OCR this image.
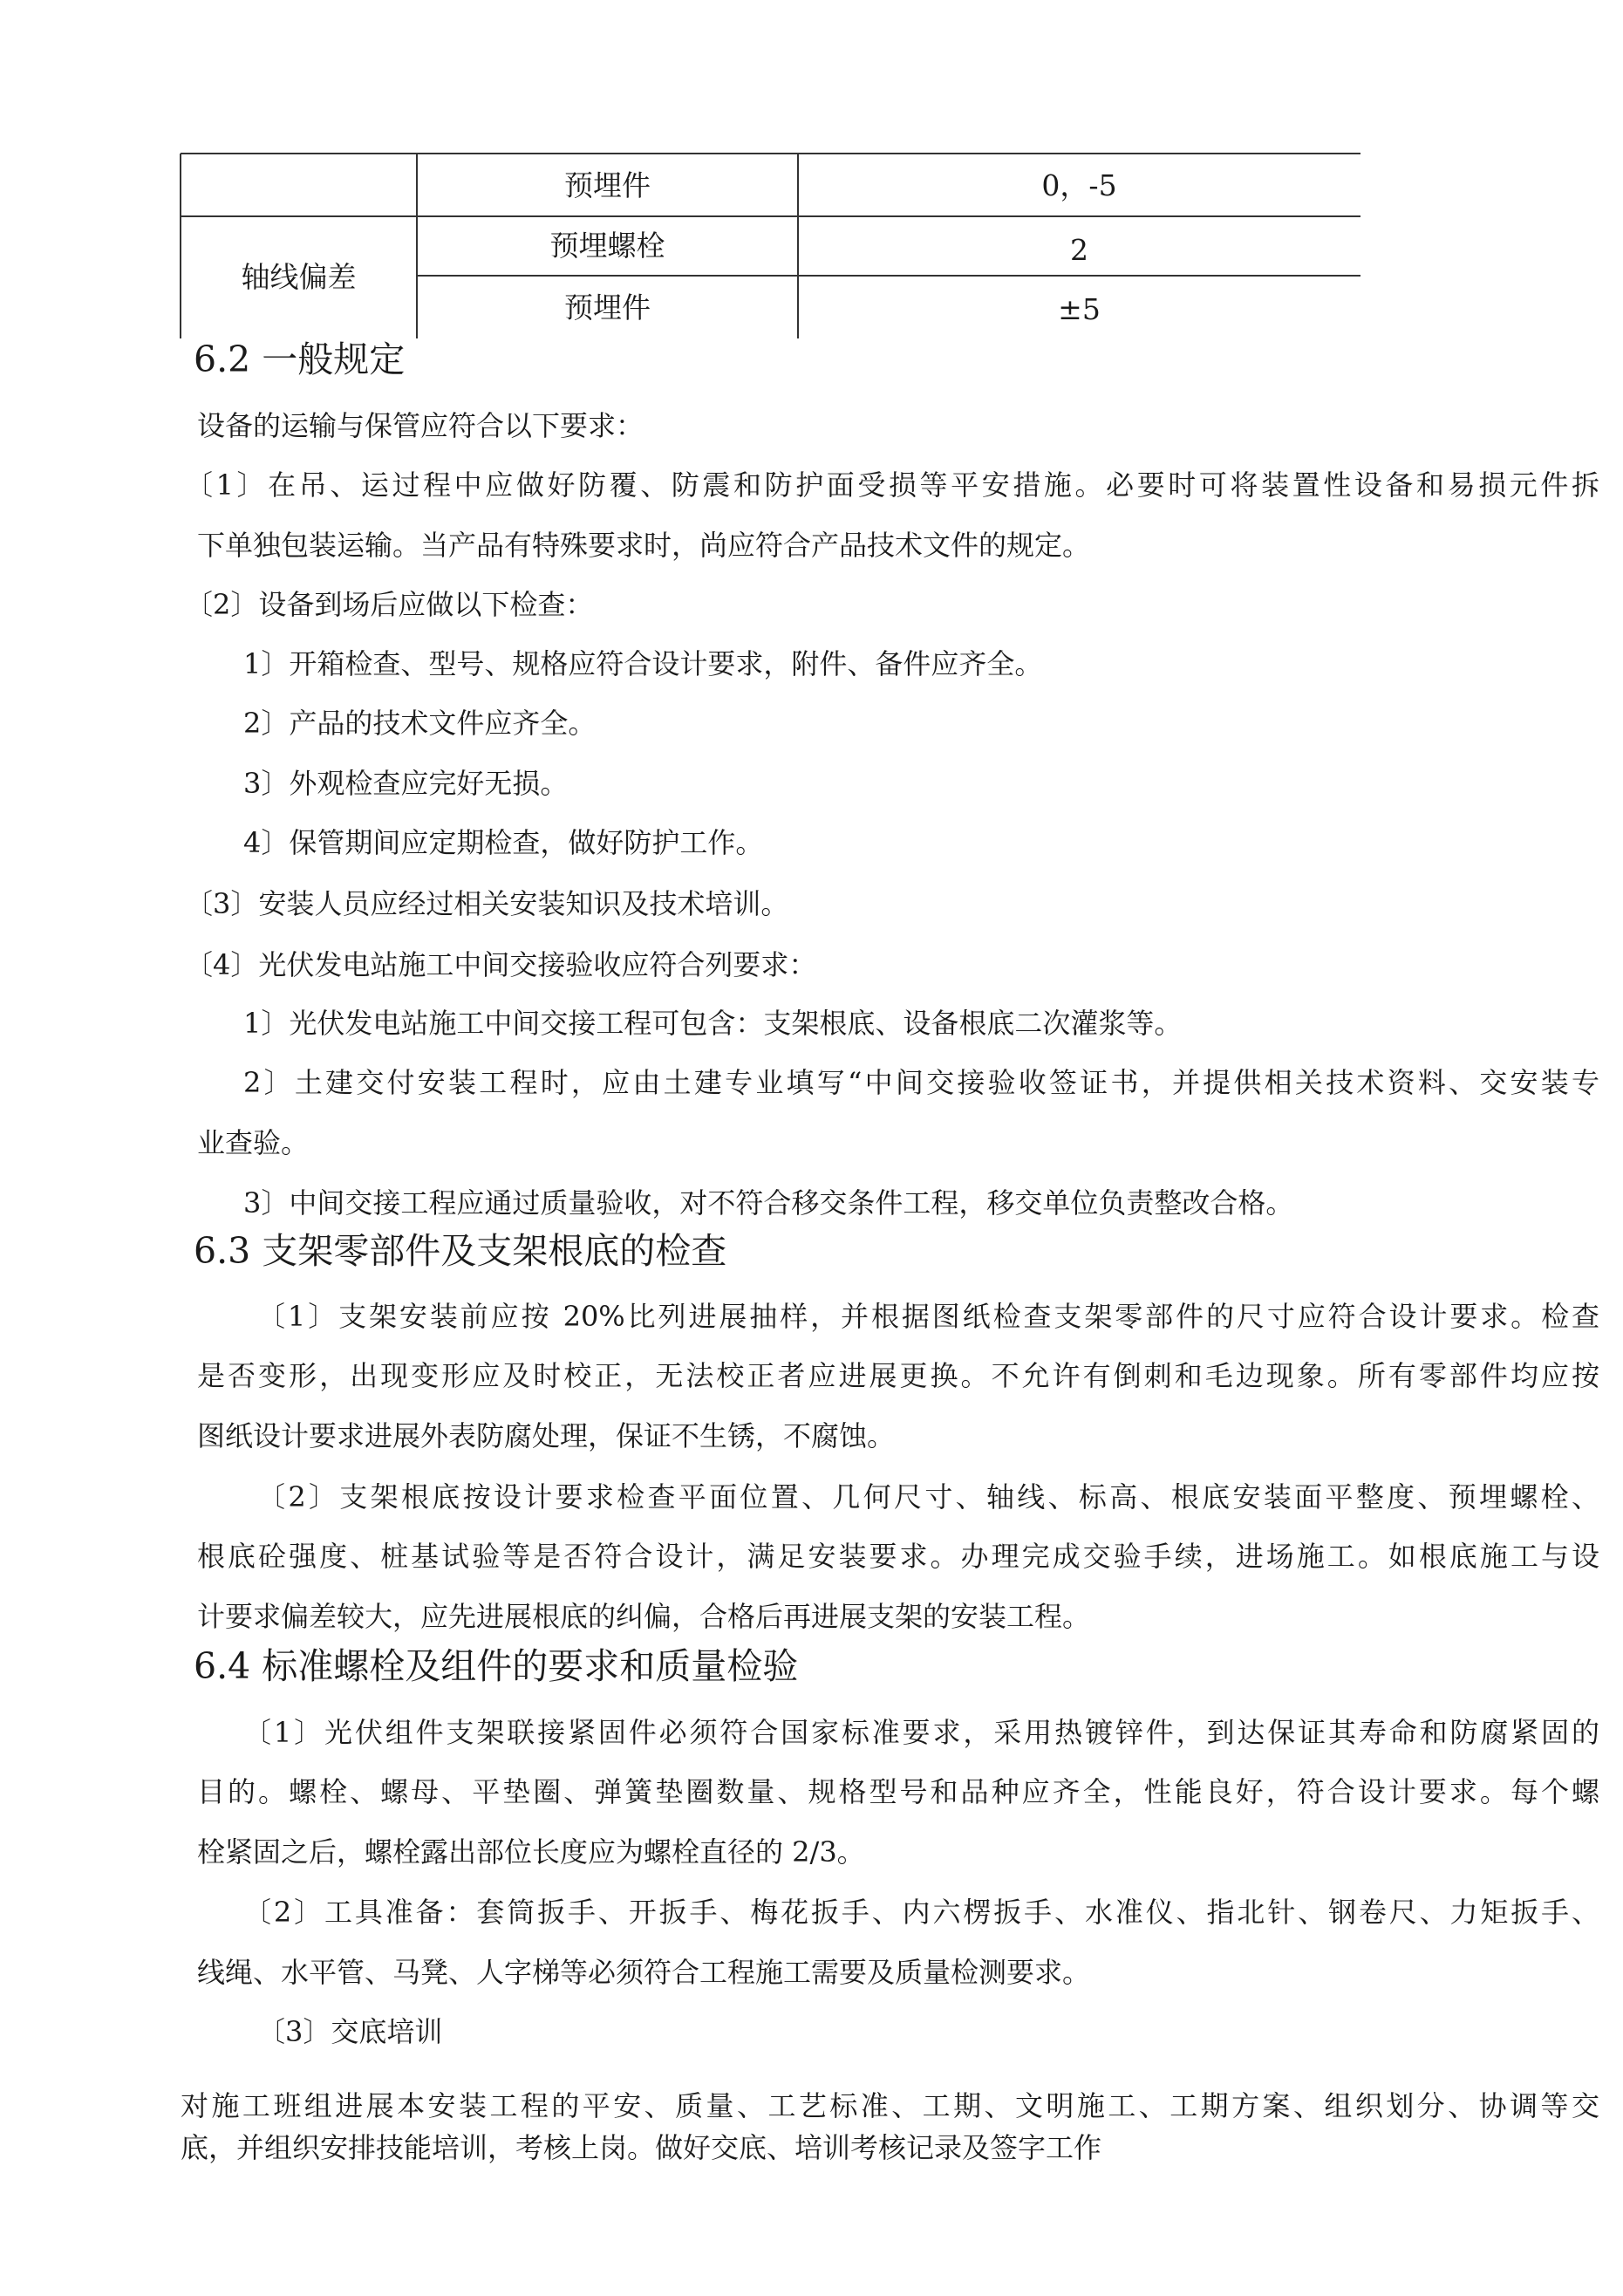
预埋件	0，-5
轴线偏差
预埋螺栓	2
预埋件	±5
6.2 一般规定
设备的运输与保管应符合以下要求：
〔1〕在吊、运过程中应做好防覆、防震和防护面受损等平安措施。必要时可将装置性设备和易损元件拆
下单独包装运输。当产品有特殊要求时，尚应符合产品技术文件的规定。
〔2〕设备到场后应做以下检查：
1〕开箱检查、型号、规格应符合设计要求，附件、备件应齐全。
2〕产品的技术文件应齐全。
3〕外观检查应完好无损。
4〕保管期间应定期检查，做好防护工作。
〔3〕安装人员应经过相关安装知识及技术培训。
〔4〕光伏发电站施工中间交接验收应符合列要求：
1〕光伏发电站施工中间交接工程可包含：支架根底、设备根底二次灌浆等。
2〕土建交付安装工程时，应由土建专业填写“中间交接验收签证书，并提供相关技术资料、交安装专
业查验。
3〕中间交接工程应通过质量验收，对不符合移交条件工程，移交单位负责整改合格。
6.3 支架零部件及支架根底的检查
〔1〕支架安装前应按 20%比列进展抽样，并根据图纸检查支架零部件的尺寸应符合设计要求。检查
是否变形，出现变形应及时校正，无法校正者应进展更换。不允许有倒刺和毛边现象。所有零部件均应按
图纸设计要求进展外表防腐处理，保证不生锈，不腐蚀。
〔2〕支架根底按设计要求检查平面位置、几何尺寸、轴线、标高、根底安装面平整度、预埋螺栓、
根底砼强度、桩基试验等是否符合设计，满足安装要求。办理完成交验手续，进场施工。如根底施工与设
计要求偏差较大，应先进展根底的纠偏，合格后再进展支架的安装工程。
6.4 标准螺栓及组件的要求和质量检验
〔1〕光伏组件支架联接紧固件必须符合国家标准要求，采用热镀锌件，到达保证其寿命和防腐紧固的
目的。螺栓、螺母、平垫圈、弹簧垫圈数量、规格型号和品种应齐全，性能良好，符合设计要求。每个螺
栓紧固之后，螺栓露出部位长度应为螺栓直径的 2/3。
〔2〕工具准备：套筒扳手、开扳手、梅花扳手、内六楞扳手、水准仪、指北针、钢卷尺、力矩扳手、
线绳、水平管、马凳、人字梯等必须符合工程施工需要及质量检测要求。
〔3〕交底培训
对施工班组进展本安装工程的平安、质量、工艺标准、工期、文明施工、工期方案、组织划分、协调等交
底，并组织安排技能培训，考核上岗。做好交底、培训考核记录及签字工作
